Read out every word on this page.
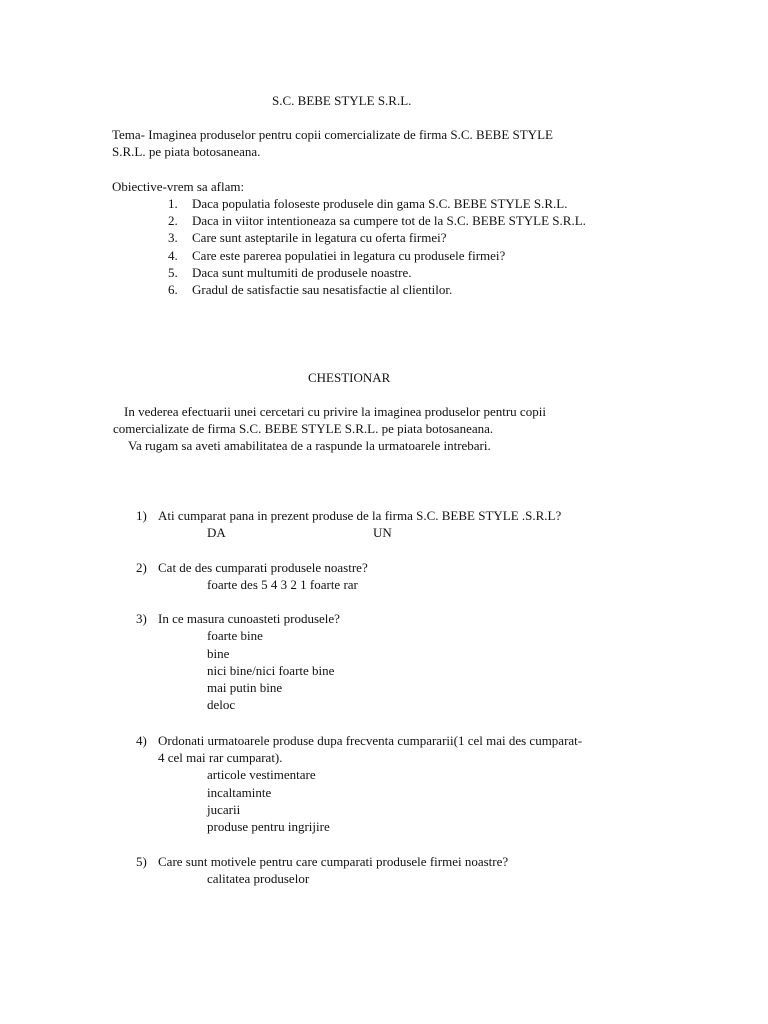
S.C. BEBE STYLE S.R.L.
Tema- Imaginea produselor pentru copii comercializate de firma S.C. BEBE STYLE
S.R.L. pe piata botosaneana.
Obiective-vrem sa aflam:
1. Daca populatia foloseste produsele din gama S.C. BEBE STYLE S.R.L.
2. Daca in viitor intentioneaza sa cumpere tot de la S.C. BEBE STYLE S.R.L.
3. Care sunt asteptarile in legatura cu oferta firmei?
4. Care este parerea populatiei in legatura cu produsele firmei?
5. Daca sunt multumiti de produsele noastre.
6. Gradul de satisfactie sau nesatisfactie al clientilor.
CHESTIONAR
In vederea efectuarii unei cercetari cu privire la imaginea produselor pentru copii
comercializate de firma S.C. BEBE STYLE S.R.L. pe piata botosaneana.
Va rugam sa aveti amabilitatea de a raspunde la urmatoarele intrebari.
1) Ati cumparat pana in prezent produse de la firma S.C. BEBE STYLE .S.R.L?
DA	UN
2) Cat de des cumparati produsele noastre?
foarte des 5 4 3 2 1 foarte rar
3) In ce masura cunoasteti produsele?
foarte bine
bine
nici bine/nici foarte bine
mai putin bine
deloc
4) Ordonati urmatoarele produse dupa frecventa cumpararii(1 cel mai des cumparat-
4 cel mai rar cumparat).
articole vestimentare
incaltaminte
jucarii
produse pentru ingrijire
5) Care sunt motivele pentru care cumparati produsele firmei noastre?
calitatea produselor
